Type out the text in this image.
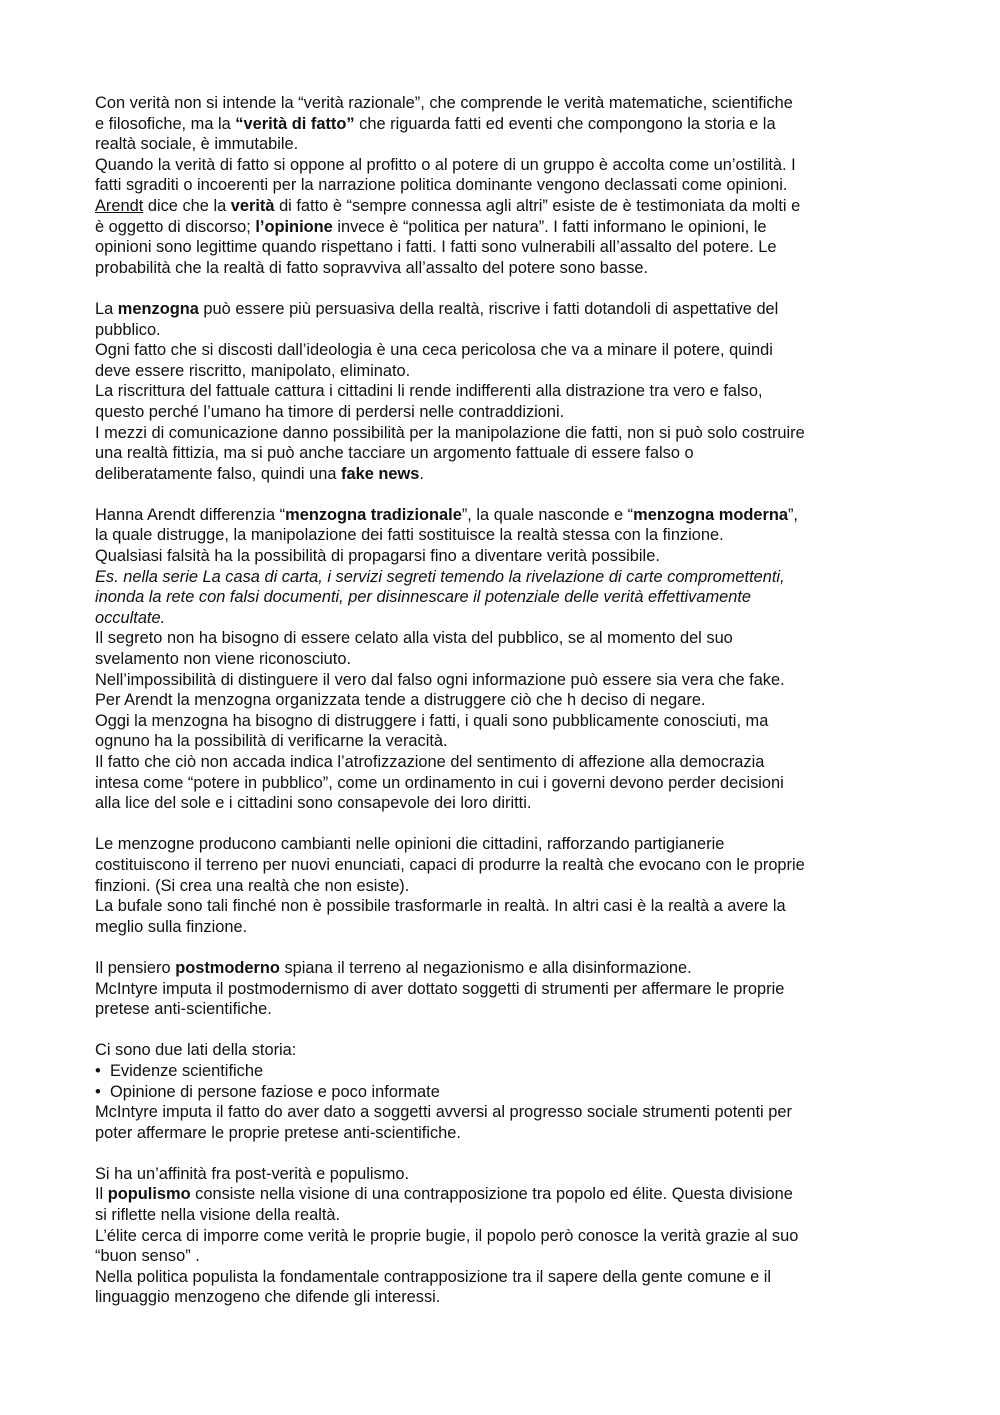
Con verità non si intende la “verità razionale”, che comprende le verità matematiche, scientifiche
e filosofiche, ma la “verità di fatto” che riguarda fatti ed eventi che compongono la storia e la
realtà sociale, è immutabile.
Quando la verità di fatto si oppone al profitto o al potere di un gruppo è accolta come un’ostilità. I
fatti sgraditi o incoerenti per la narrazione politica dominante vengono declassati come opinioni.
Arendt dice che la verità di fatto è “sempre connessa agli altri” esiste de è testimoniata da molti e
è oggetto di discorso; l’opinione invece è “politica per natura”. I fatti informano le opinioni, le
opinioni sono legittime quando rispettano i fatti. I fatti sono vulnerabili all’assalto del potere. Le
probabilità che la realtà di fatto sopravviva all’assalto del potere sono basse.
La menzogna può essere più persuasiva della realtà, riscrive i fatti dotandoli di aspettative del
pubblico.
Ogni fatto che si discosti dall’ideologia è una ceca pericolosa che va a minare il potere, quindi
deve essere riscritto, manipolato, eliminato.
La riscrittura del fattuale cattura i cittadini li rende indifferenti alla distrazione tra vero e falso,
questo perché l’umano ha timore di perdersi nelle contraddizioni.
I mezzi di comunicazione danno possibilità per la manipolazione die fatti, non si può solo costruire
una realtà fittizia, ma si può anche tacciare un argomento fattuale di essere falso o
deliberatamente falso, quindi una fake news.
Hanna Arendt differenzia “menzogna tradizionale”, la quale nasconde e “menzogna moderna”,
la quale distrugge, la manipolazione dei fatti sostituisce la realtà stessa con la finzione.
Qualsiasi falsità ha la possibilità di propagarsi fino a diventare verità possibile.
Es. nella serie La casa di carta, i servizi segreti temendo la rivelazione di carte compromettenti,
inonda la rete con falsi documenti, per disinnescare il potenziale delle verità effettivamente
occultate.
Il segreto non ha bisogno di essere celato alla vista del pubblico, se al momento del suo
svelamento non viene riconosciuto.
Nell’impossibilità di distinguere il vero dal falso ogni informazione può essere sia vera che fake.
Per Arendt la menzogna organizzata tende a distruggere ciò che h deciso di negare.
Oggi la menzogna ha bisogno di distruggere i fatti, i quali sono pubblicamente conosciuti, ma
ognuno ha la possibilità di verificarne la veracità.
Il fatto che ciò non accada indica l’atrofizzazione del sentimento di affezione alla democrazia
intesa come “potere in pubblico”, come un ordinamento in cui i governi devono perder decisioni
alla lice del sole e i cittadini sono consapevole dei loro diritti.
Le menzogne producono cambianti nelle opinioni die cittadini, rafforzando partigianerie
costituiscono il terreno per nuovi enunciati, capaci di produrre la realtà che evocano con le proprie
finzioni. (Si crea una realtà che non esiste).
La bufale sono tali finché non è possibile trasformarle in realtà. In altri casi è la realtà a avere la
meglio sulla finzione.
Il pensiero postmoderno spiana il terreno al negazionismo e alla disinformazione.
McIntyre imputa il postmodernismo di aver dottato soggetti di strumenti per affermare le proprie
pretese anti-scientifiche.
Ci sono due lati della storia:
• Evidenze scientifiche
• Opinione di persone faziose e poco informate
McIntyre imputa il fatto do aver dato a soggetti avversi al progresso sociale strumenti potenti per
poter affermare le proprie pretese anti-scientifiche.
Si ha un’affinità fra post-verità e populismo.
Il populismo consiste nella visione di una contrapposizione tra popolo ed élite. Questa divisione
si riflette nella visione della realtà.
L’élite cerca di imporre come verità le proprie bugie, il popolo però conosce la verità grazie al suo
“buon senso” .
Nella politica populista la fondamentale contrapposizione tra il sapere della gente comune e il
linguaggio menzogeno che difende gli interessi.
